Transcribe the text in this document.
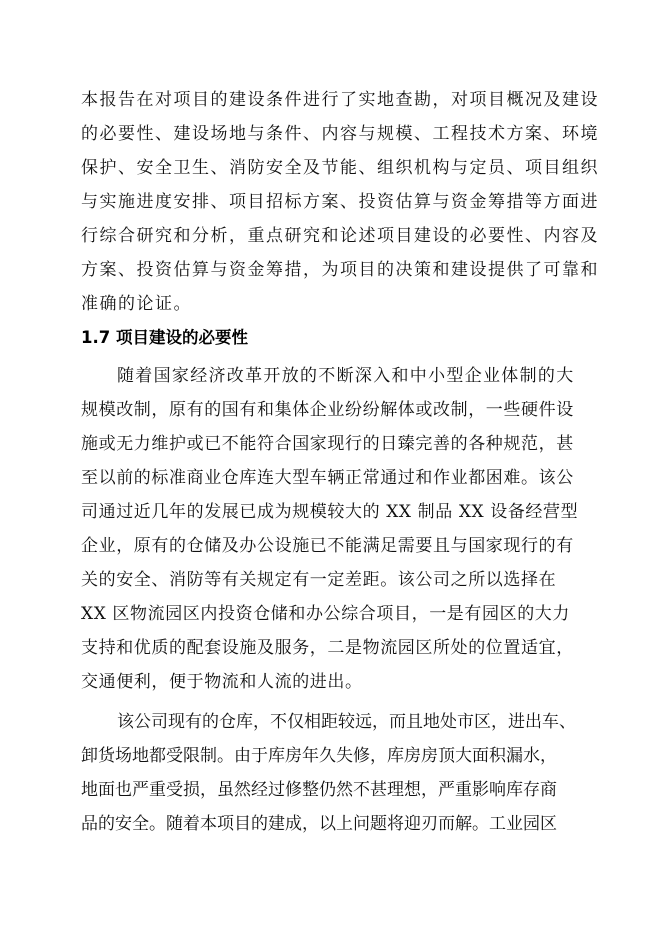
本报告在对项目的建设条件进行了实地查勘，对项目概况及建设
的必要性、建设场地与条件、内容与规模、工程技术方案、环境
保护、安全卫生、消防安全及节能、组织机构与定员、项目组织
与实施进度安排、项目招标方案、投资估算与资金筹措等方面进
行综合研究和分析，重点研究和论述项目建设的必要性、内容及
方案、投资估算与资金筹措，为项目的决策和建设提供了可靠和
准确的论证。
1.7 项目建设的必要性
随着国家经济改革开放的不断深入和中小型企业体制的大
规模改制，原有的国有和集体企业纷纷解体或改制，一些硬件设
施或无力维护或已不能符合国家现行的日臻完善的各种规范，甚
至以前的标准商业仓库连大型车辆正常通过和作业都困难。该公
司通过近几年的发展已成为规模较大的 XX 制品 XX 设备经营型
企业，原有的仓储及办公设施已不能满足需要且与国家现行的有
关的安全、消防等有关规定有一定差距。该公司之所以选择在
XX 区物流园区内投资仓储和办公综合项目，一是有园区的大力
支持和优质的配套设施及服务，二是物流园区所处的位置适宜，
交通便利，便于物流和人流的进出。
该公司现有的仓库，不仅相距较远，而且地处市区，进出车、
卸货场地都受限制。由于库房年久失修，库房房顶大面积漏水，
地面也严重受损，虽然经过修整仍然不甚理想，严重影响库存商
品的安全。随着本项目的建成，以上问题将迎刃而解。工业园区
